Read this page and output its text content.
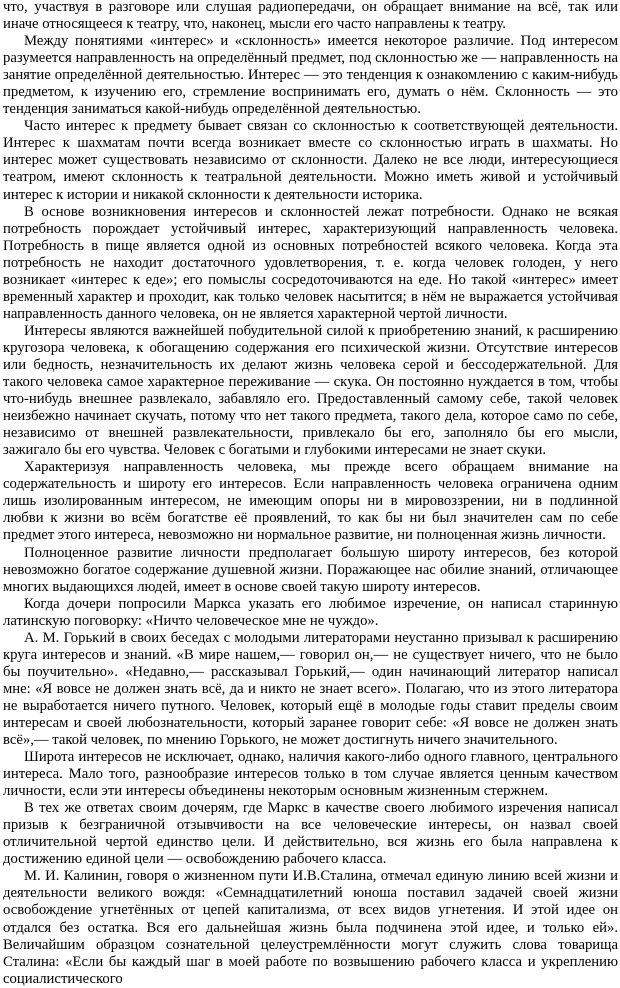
что, участвуя в разговоре или слушая радиопередачи, он обращает внимание на всё, так или иначе относящееся к театру, что, наконец, мысли его часто направлены к театру.

Между понятиями «интерес» и «склонность» имеется некоторое различие. Под интересом разумеется направленность на определённый предмет, под склонностью же — направленность на занятие определённой деятельностью. Интерес — это тенденция к ознакомлению с каким-нибудь предметом, к изучению его, стремление воспринимать его, думать о нём. Склонность — это тенденция заниматься какой-нибудь определённой деятельностью.

Часто интерес к предмету бывает связан со склонностью к соответствующей деятельности. Интерес к шахматам почти всегда возникает вместе со склонностью играть в шахматы. Но интерес может существовать независимо от склонности. Далеко не все люди, интересующиеся театром, имеют склонность к театральной деятельности. Можно иметь живой и устойчивый интерес к истории и никакой склонности к деятельности историка.

В основе возникновения интересов и склонностей лежат потребности. Однако не всякая потребность порождает устойчивый интерес, характеризующий направленность человека. Потребность в пище является одной из основных потребностей всякого человека. Когда эта потребность не находит достаточного удовлетворения, т. е. когда человек голоден, у него возникает «интерес к еде»; его помыслы сосредоточиваются на еде. Но такой «интерес» имеет временный характер и проходит, как только человек насытится; в нём не выражается устойчивая направленность данного человека, он не является характерной чертой личности.

Интересы являются важнейшей побудительной силой к приобретению знаний, к расширению кругозора человека, к обогащению содержания его психической жизни. Отсутствие интересов или бедность, незначительность их делают жизнь человека серой и бессодержательной. Для такого человека самое характерное переживание — скука. Он постоянно нуждается в том, чтобы что-нибудь внешнее развлекало, забавляло его. Предоставленный самому себе, такой человек неизбежно начинает скучать, потому что нет такого предмета, такого дела, которое само по себе, независимо от внешней развлекательности, привлекало бы его, заполняло бы его мысли, зажигало бы его чувства. Человек с богатыми и глубокими интересами не знает скуки.

Характеризуя направленность человека, мы прежде всего обращаем внимание на содержательность и широту его интересов. Если направленность человека ограничена одним лишь изолированным интересом, не имеющим опоры ни в мировоззрении, ни в подлинной любви к жизни во всём богатстве её проявлений, то как бы ни был значителен сам по себе предмет этого интереса, невозможно ни нормальное развитие, ни полноценная жизнь личности.

Полноценное развитие личности предполагает большую широту интересов, без которой невозможно богатое содержание душевной жизни. Поражающее нас обилие знаний, отличающее многих выдающихся людей, имеет в основе своей такую широту интересов.

Когда дочери попросили Маркса указать его любимое изречение, он написал старинную латинскую поговорку: «Ничто человеческое мне не чуждо».

А. М. Горький в своих беседах с молодыми литераторами неустанно призывал к расширению круга интересов и знаний. «В мире нашем,— говорил он,— не существует ничего, что не было бы поучительно». «Недавно,— рассказывал Горький,— один начинающий литератор написал мне: «Я вовсе не должен знать всё, да и никто не знает всего». Полагаю, что из этого литератора не выработается ничего путного. Человек, который ещё в молодые годы ставит пределы своим интересам и своей любознательности, который заранее говорит себе: «Я вовсе не должен знать всё»,— такой человек, по мнению Горького, не может достигнуть ничего значительного.

Широта интересов не исключает, однако, наличия какого-либо одного главного, центрального интереса. Мало того, разнообразие интересов только в том случае является ценным качеством личности, если эти интересы объединены некоторым основным жизненным стержнем.

В тех же ответах своим дочерям, где Маркс в качестве своего любимого изречения написал призыв к безграничной отзывчивости на все человеческие интересы, он назвал своей отличительной чертой единство цели. И действительно, вся жизнь его была направлена к достижению единой цели — освобождению рабочего класса.

М. И. Калинин, говоря о жизненном пути И.В.Сталина, отмечал единую линию всей жизни и деятельности великого вождя: «Семнадцатилетний юноша поставил задачей своей жизни освобождение угнетённых от цепей капитализма, от всех видов угнетения. И этой идее он отдался без остатка. Вся его дальнейшая жизнь была подчинена этой идее, и только ей». Величайшим образцом сознательной целеустремлённости могут служить слова товарища Сталина: «Если бы каждый шаг в моей работе по возвышению рабочего класса и укреплению социалистического
